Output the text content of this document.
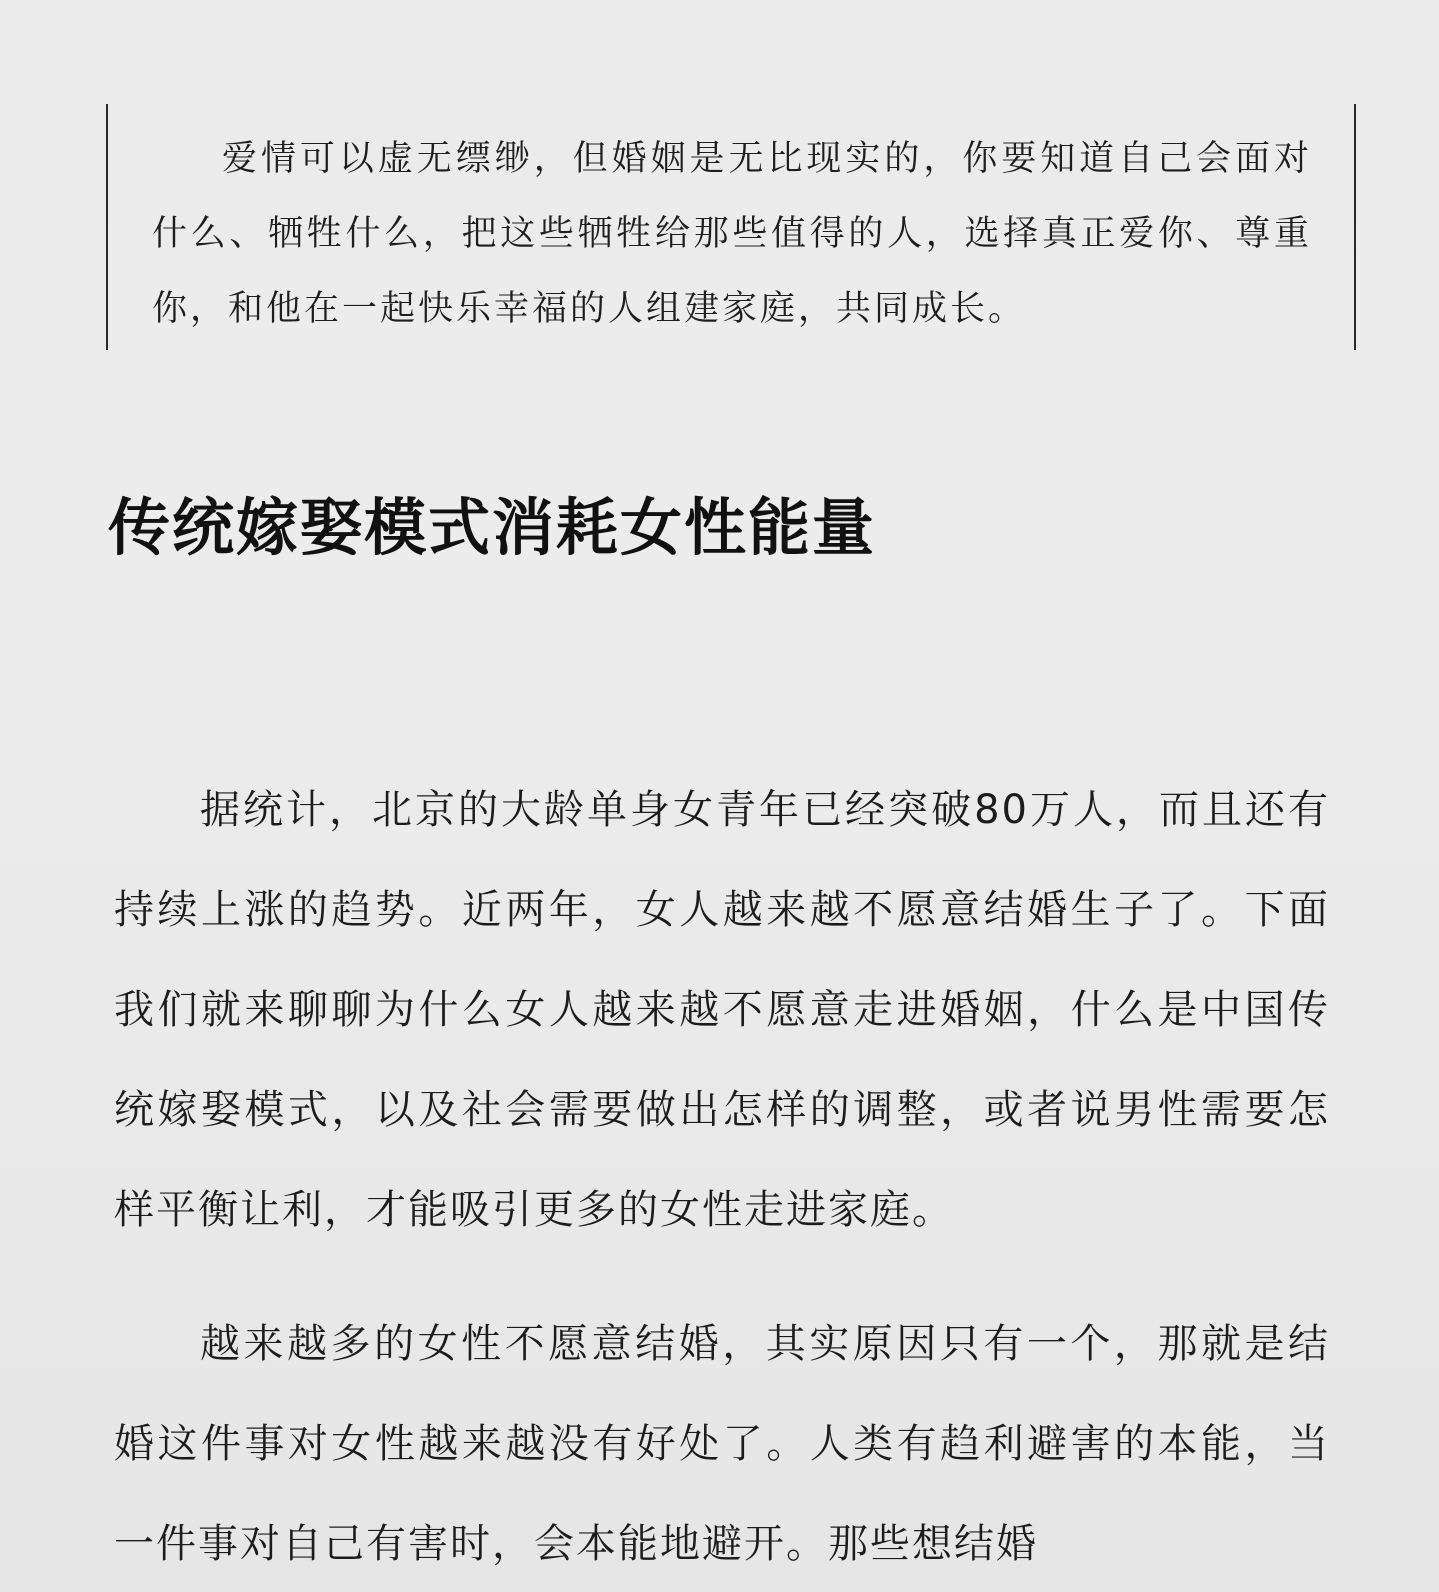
爱情可以虚无缥缈，但婚姻是无比现实的，你要知道自己会面对什么、牺牲什么，把这些牺牲给那些值得的人，选择真正爱你、尊重你，和他在一起快乐幸福的人组建家庭，共同成长。

传统嫁娶模式消耗女性能量

据统计，北京的大龄单身女青年已经突破80万人，而且还有持续上涨的趋势。近两年，女人越来越不愿意结婚生子了。下面我们就来聊聊为什么女人越来越不愿意走进婚姻，什么是中国传统嫁娶模式，以及社会需要做出怎样的调整，或者说男性需要怎样平衡让利，才能吸引更多的女性走进家庭。

越来越多的女性不愿意结婚，其实原因只有一个，那就是结婚这件事对女性越来越没有好处了。人类有趋利避害的本能，当一件事对自己有害时，会本能地避开。那些想结婚
